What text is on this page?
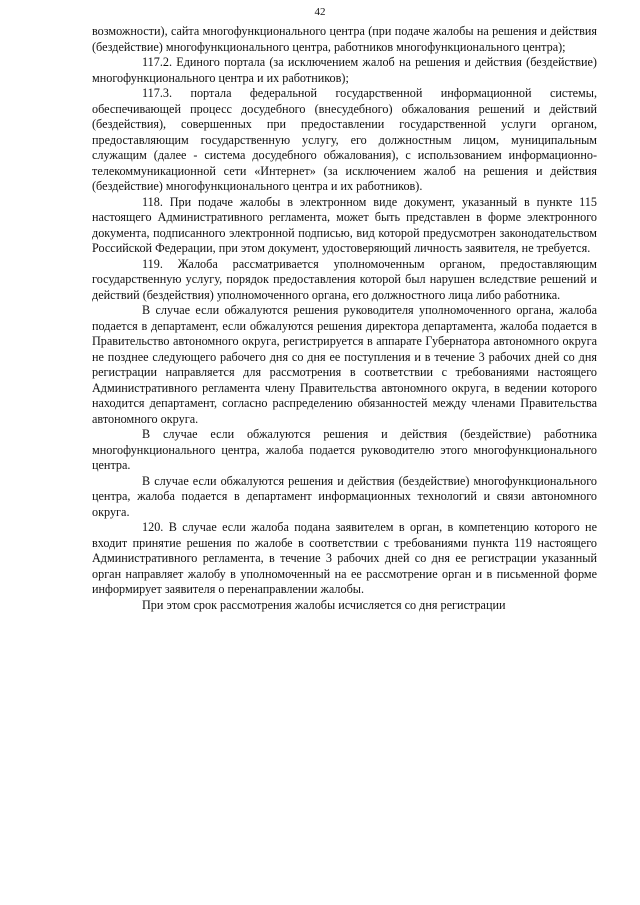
42

возможности), сайта многофункционального центра (при подаче жалобы на решения и действия (бездействие) многофункционального центра, работников многофункционального центра);

117.2. Единого портала (за исключением жалоб на решения и действия (бездействие) многофункционального центра и их работников);

117.3. портала федеральной государственной информационной системы, обеспечивающей процесс досудебного (внесудебного) обжалования решений и действий (бездействия), совершенных при предоставлении государственной услуги органом, предоставляющим государственную услугу, его должностным лицом, муниципальным служащим (далее - система досудебного обжалования), с использованием информационно-телекоммуникационной сети «Интернет» (за исключением жалоб на решения и действия (бездействие) многофункционального центра и их работников).

118. При подаче жалобы в электронном виде документ, указанный в пункте 115 настоящего Административного регламента, может быть представлен в форме электронного документа, подписанного электронной подписью, вид которой предусмотрен законодательством Российской Федерации, при этом документ, удостоверяющий личность заявителя, не требуется.

119. Жалоба рассматривается уполномоченным органом, предоставляющим государственную услугу, порядок предоставления которой был нарушен вследствие решений и действий (бездействия) уполномоченного органа, его должностного лица либо работника.

В случае если обжалуются решения руководителя уполномоченного органа, жалоба подается в департамент, если обжалуются решения директора департамента, жалоба подается в Правительство автономного округа, регистрируется в аппарате Губернатора автономного округа не позднее следующего рабочего дня со дня ее поступления и в течение 3 рабочих дней со дня регистрации направляется для рассмотрения в соответствии с требованиями настоящего Административного регламента члену Правительства автономного округа, в ведении которого находится департамент, согласно распределению обязанностей между членами Правительства автономного округа.

В случае если обжалуются решения и действия (бездействие) работника многофункционального центра, жалоба подается руководителю этого многофункционального центра.

В случае если обжалуются решения и действия (бездействие) многофункционального центра, жалоба подается в департамент информационных технологий и связи автономного округа.

120. В случае если жалоба подана заявителем в орган, в компетенцию которого не входит принятие решения по жалобе в соответствии с требованиями пункта 119 настоящего Административного регламента, в течение 3 рабочих дней со дня ее регистрации указанный орган направляет жалобу в уполномоченный на ее рассмотрение орган и в письменной форме информирует заявителя о перенаправлении жалобы.

При этом срок рассмотрения жалобы исчисляется со дня регистрации
